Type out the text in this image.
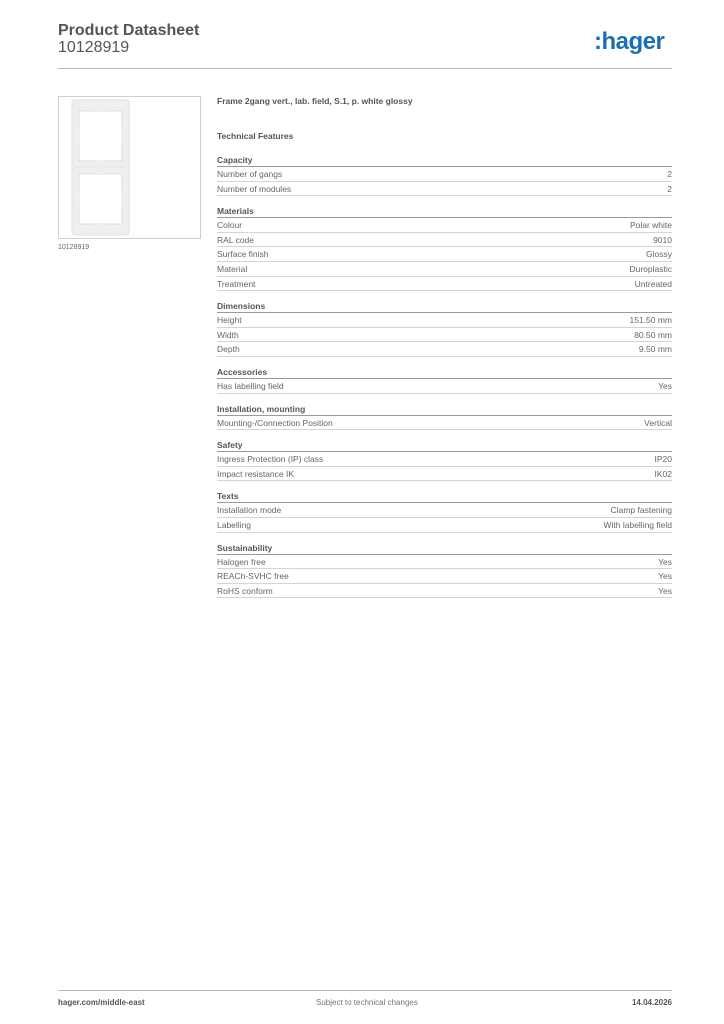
Product Datasheet
10128919	:hager
10128919
Frame 2gang vert., lab. field, S.1, p. white glossy
Technical Features
Capacity
Number of gangs	2
Number of modules	2
Materials
Colour	Polar white
RAL code	9010
Surface finish	Glossy
Material	Duroplastic
Treatment	Untreated
Dimensions
Height	151.50 mm
Width	80.50 mm
Depth	9.50 mm
Accessories
Has labelling field	Yes
Installation, mounting
Mounting-/Connection Position	Vertical
Safety
Ingress Protection (IP) class	IP20
Impact resistance IK	IK02
Texts
Installation mode	Clamp fastening
Labelling	With labelling field
Sustainability
Halogen free	Yes
REACh-SVHC free	Yes
RoHS conform	Yes
hager.com/middle-east	Subject to technical changes	14.04.2026
